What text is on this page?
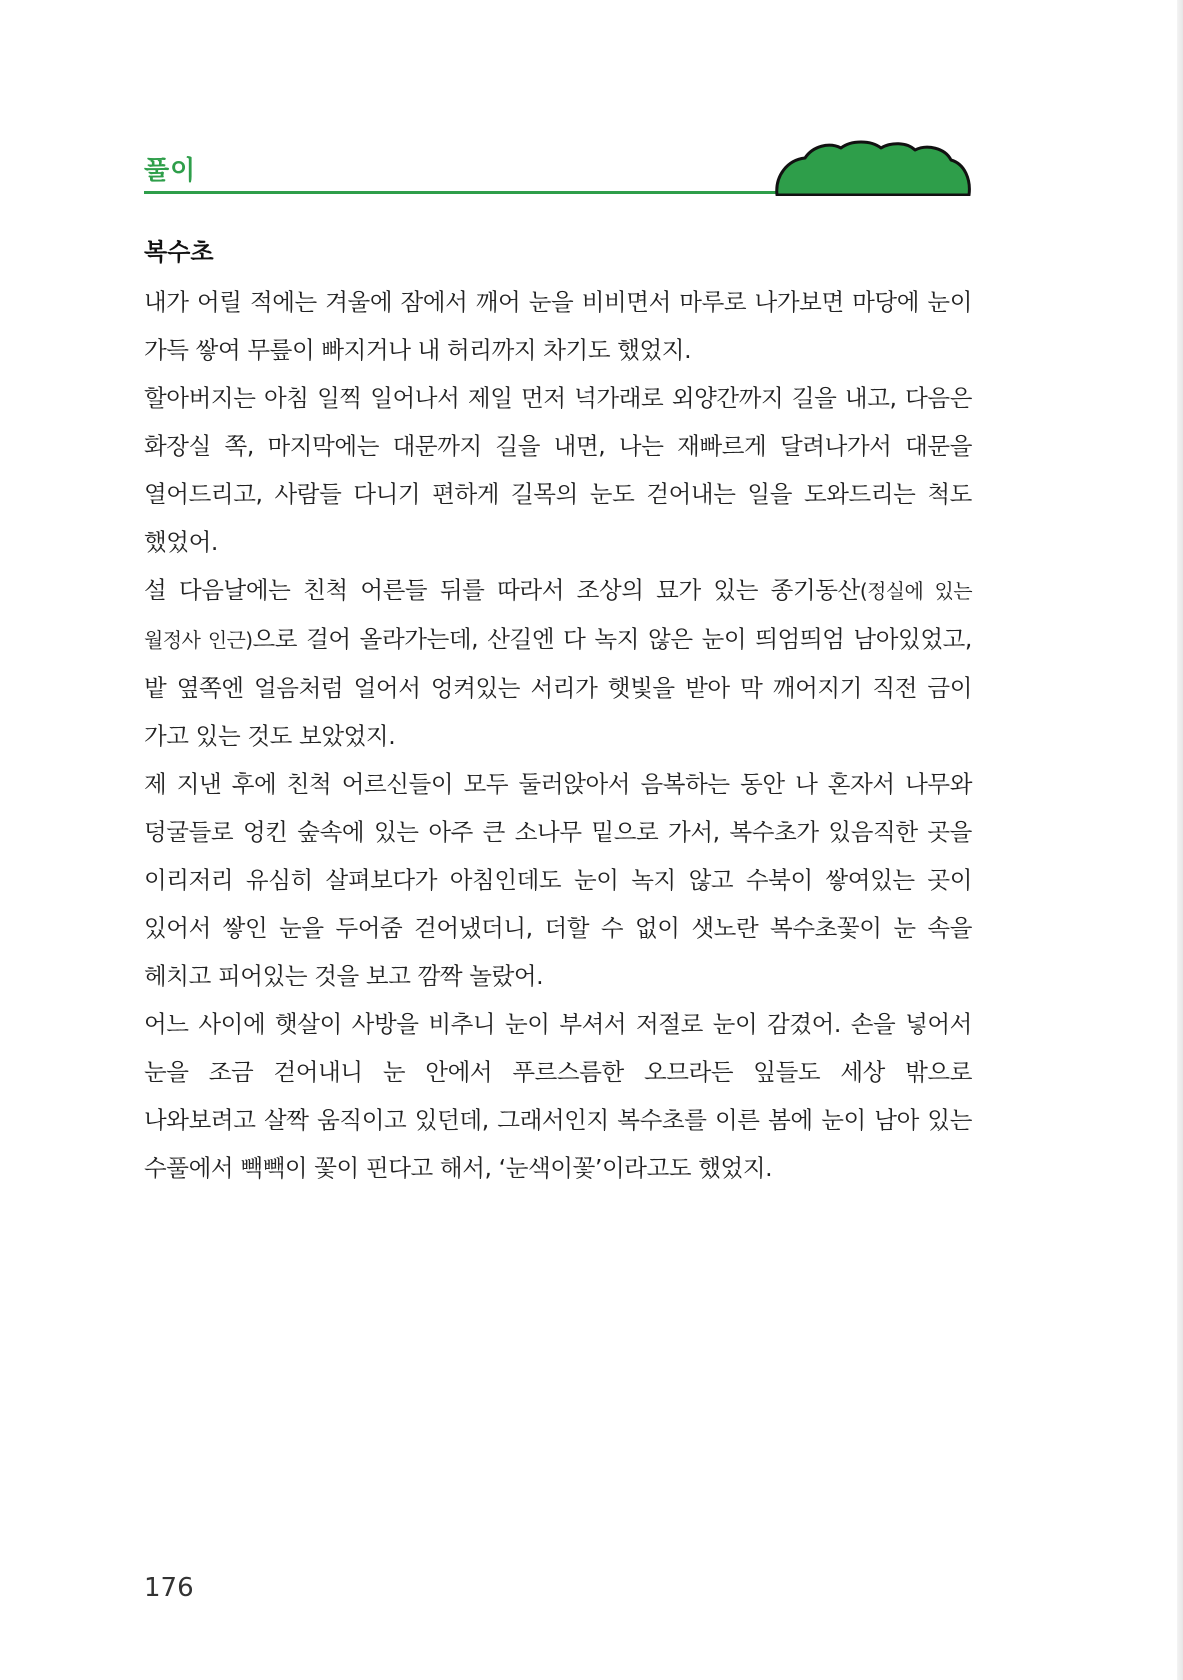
풀이
복수초

내가 어릴 적에는 겨울에 잠에서 깨어 눈을 비비면서 마루로 나가보면 마당에 눈이 가득 쌓여 무릎이 빠지거나 내 허리까지 차기도 했었지.

할아버지는 아침 일찍 일어나서 제일 먼저 넉가래로 외양간까지 길을 내고, 다음은 화장실 쪽, 마지막에는 대문까지 길을 내면, 나는 재빠르게 달려나가서 대문을 열어드리고, 사람들 다니기 편하게 길목의 눈도 걷어내는 일을 도와드리는 척도 했었어.

설 다음날에는 친척 어른들 뒤를 따라서 조상의 묘가 있는 종기동산(정실에 있는 월정사 인근)으로 걸어 올라가는데, 산길엔 다 녹지 않은 눈이 띄엄띄엄 남아있었고, 밭 옆쪽엔 얼음처럼 얼어서 엉켜있는 서리가 햇빛을 받아 막 깨어지기 직전 금이 가고 있는 것도 보았었지.

제 지낸 후에 친척 어르신들이 모두 둘러앉아서 음복하는 동안 나 혼자서 나무와 덩굴들로 엉킨 숲속에 있는 아주 큰 소나무 밑으로 가서, 복수초가 있음직한 곳을 이리저리 유심히 살펴보다가 아침인데도 눈이 녹지 않고 수북이 쌓여있는 곳이 있어서 쌓인 눈을 두어줌 걷어냈더니, 더할 수 없이 샛노란 복수초꽃이 눈 속을 헤치고 피어있는 것을 보고 깜짝 놀랐어.

어느 사이에 햇살이 사방을 비추니 눈이 부셔서 저절로 눈이 감겼어. 손을 넣어서 눈을 조금 걷어내니 눈 안에서 푸르스름한 오므라든 잎들도 세상 밖으로 나와보려고 살짝 움직이고 있던데, 그래서인지 복수초를 이른 봄에 눈이 남아 있는 수풀에서 빽빽이 꽃이 핀다고 해서, ‘눈색이꽃’이라고도 했었지.

176
